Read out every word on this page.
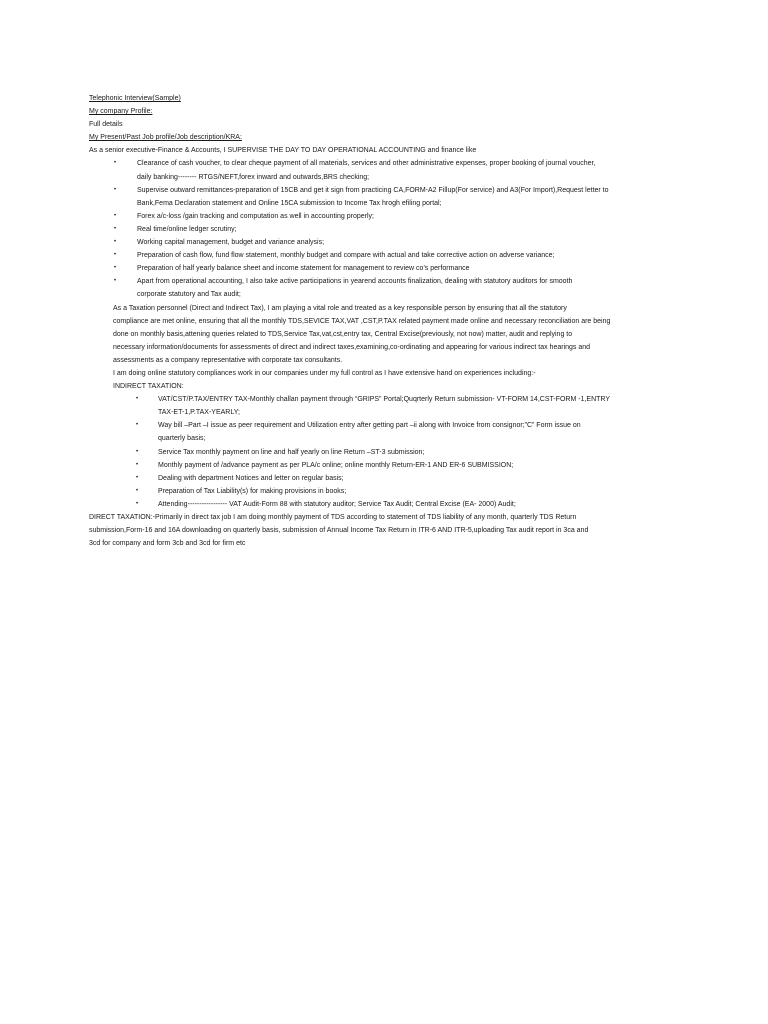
Telephonic Interview(Sample)
My company Profile:
Full details
My Present/Past Job profile/Job description/KRA:
As a senior executive-Finance & Accounts, I SUPERVISE THE DAY TO DAY OPERATIONAL ACCOUNTING and finance like
•	Clearance of cash voucher, to clear cheque payment of all materials, services and other administrative expenses, proper booking of journal voucher,
daily banking-------- RTGS/NEFT,forex inward and outwards,BRS checking;
•	Supervise outward remittances-preparation of 15CB and get it sign from practicing CA,FORM-A2 Fillup(For service) and A3(For Import),Request letter to
Bank,Fema Declaration statement and Online 15CA submission to Income Tax hrogh efiling portal;
•	Forex a/c-loss /gain tracking and computation as well in accounting properly;
•	Real time/online ledger scrutiny;
•	Working capital management, budget and variance analysis;
•	Preparation of cash flow, fund flow statement, monthly budget and compare with actual and take corrective action on adverse variance;
•	Preparation of half yearly balance sheet and income statement for management to review co’s performance
•	Apart from operational accounting, I also take active participations in yearend accounts finalization, dealing with statutory auditors for smooth
corporate statutory and Tax audit;
As a Taxation personnel (Direct and Indirect Tax), I am playing a vital role and treated as a key responsible person by ensuring that all the statutory
compliance are met online, ensuring that all the monthly TDS,SEVICE TAX,VAT ,CST,P.TAX related payment made online and necessary reconciliation are being
done on monthly basis,attening queries related to TDS,Service Tax,vat,cst,entry tax, Central Excise(previously, not now) matter, audit and replying to
necessary information/documents for assessments of direct and indirect taxes,examining,co-ordinating and appearing for various indirect tax hearings and
assessments as a company representative with corporate tax consultants.
I am doing online statutory compliances work in our companies under my full control as I have extensive hand on experiences including:-
INDIRECT TAXATION:
•	VAT/CST/P.TAX/ENTRY TAX-Monthly challan payment through “GRIPS” Portal;Quqrterly Return submission- VT-FORM 14,CST-FORM -1,ENTRY
TAX-ET-1,P.TAX-YEARLY;
•	Way bill –Part –I issue as peer requirement and Utilization entry after getting part –ii along with Invoice from consignor;”C” Form issue on
quarterly basis;
•	Service Tax monthly payment on line and half yearly on line Return –ST-3 submission;
•	Monthly payment of /advance payment as per PLA/c online; online monthly Return-ER-1 AND ER-6 SUBMISSION;
•	Dealing with department Notices and letter on regular basis;
•	Preparation of Tax Liability(s) for making provisions in books;
•	Attending----------------- VAT Audit-Form 88 with statutory auditor; Service Tax Audit; Central Excise (EA- 2000) Audit;
DIRECT TAXATION:-Primarily in direct tax job I am doing monthly payment of TDS according to statement of TDS liability of any month, quarterly TDS Return
submission,Form-16 and 16A downloading on quarterly basis, submission of Annual Income Tax Return in ITR-6 AND ITR-5,uploading Tax audit report in 3ca and
3cd for company and form 3cb and 3cd for firm etc
